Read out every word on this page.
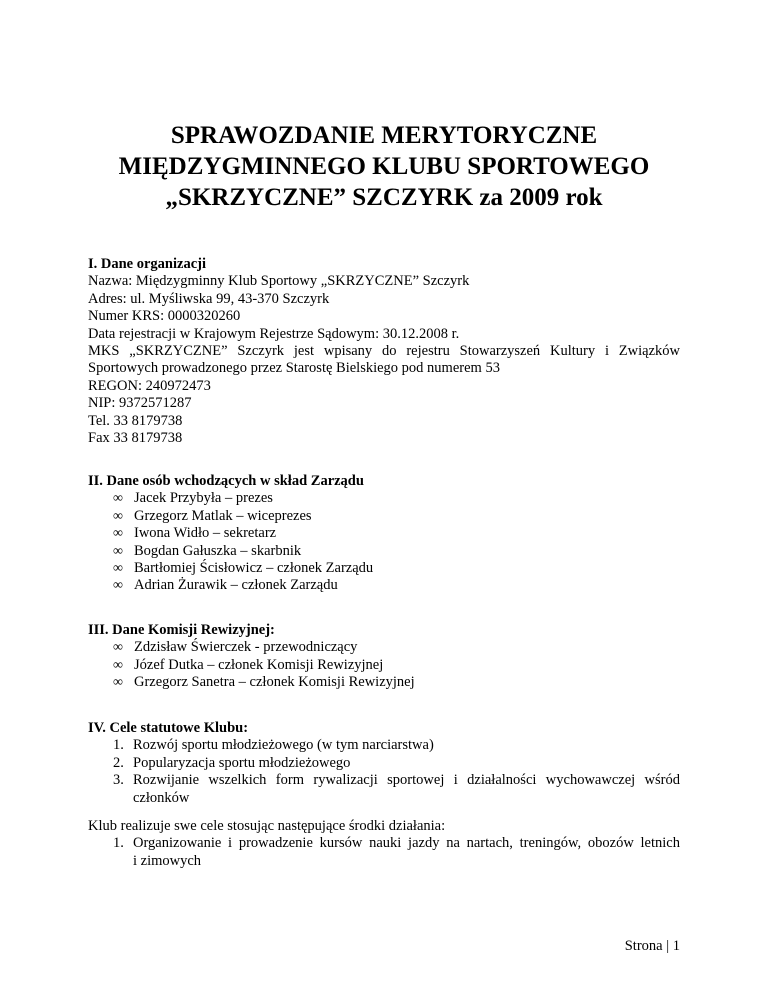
SPRAWOZDANIE MERYTORYCZNE
MIĘDZYGMINNEGO KLUBU SPORTOWEGO
„SKRZYCZNE” SZCZYRK za 2009 rok
I. Dane organizacji
Nazwa: Międzygminny Klub Sportowy „SKRZYCZNE” Szczyrk
Adres: ul. Myśliwska 99, 43-370 Szczyrk
Numer KRS: 0000320260
Data rejestracji w Krajowym Rejestrze Sądowym: 30.12.2008 r.
MKS „SKRZYCZNE” Szczyrk jest wpisany do rejestru Stowarzyszeń Kultury i Związków
Sportowych prowadzonego przez Starostę Bielskiego pod numerem 53
REGON: 240972473
NIP: 9372571287
Tel. 33 8179738
Fax 33 8179738
II. Dane osób wchodzących w skład Zarządu
∞ Jacek Przybyła – prezes
∞ Grzegorz Matlak – wiceprezes
∞ Iwona Widło – sekretarz
∞ Bogdan Gałuszka – skarbnik
∞ Bartłomiej Ścisłowicz – członek Zarządu
∞ Adrian Żurawik – członek Zarządu
III. Dane Komisji Rewizyjnej:
∞ Zdzisław Świerczek - przewodniczący
∞ Józef Dutka – członek Komisji Rewizyjnej
∞ Grzegorz Sanetra – członek Komisji Rewizyjnej
IV. Cele statutowe Klubu:
1. Rozwój sportu młodzieżowego (w tym narciarstwa)
2. Popularyzacja sportu młodzieżowego
3. Rozwijanie wszelkich form rywalizacji sportowej i działalności wychowawczej wśród
członków
Klub realizuje swe cele stosując następujące środki działania:
1. Organizowanie i prowadzenie kursów nauki jazdy na nartach, treningów, obozów letnich
i zimowych
Strona | 1
